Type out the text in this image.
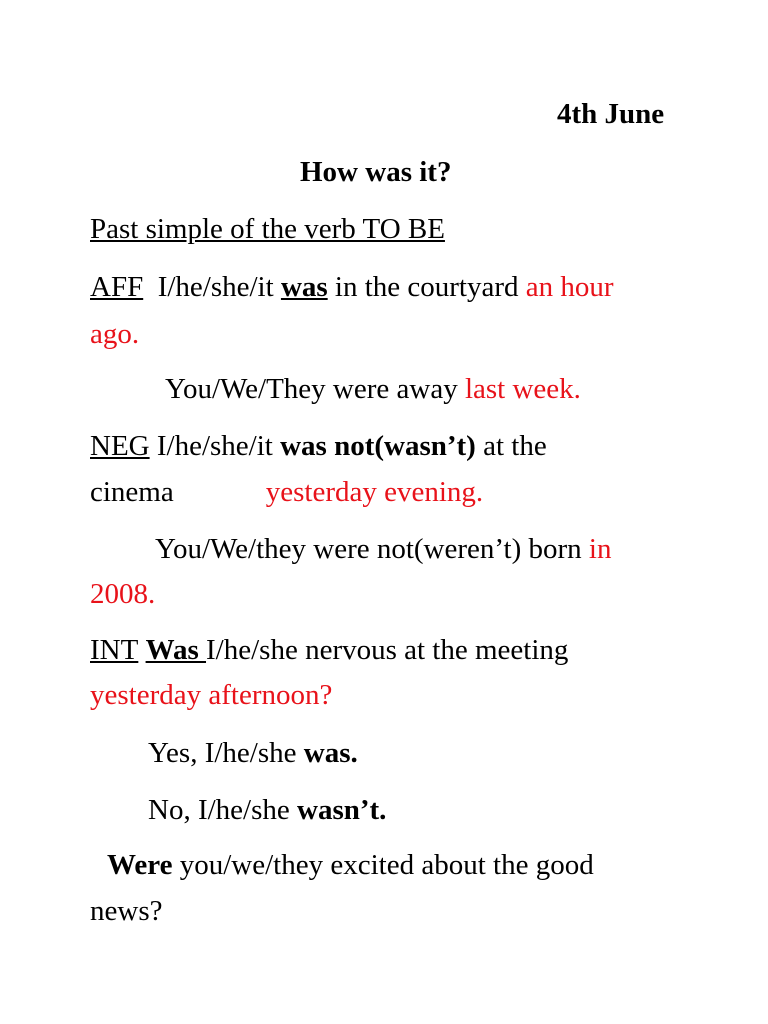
4th June
How was it?
Past simple of the verb TO BE
AFF I/he/she/it was in the courtyard an hour
ago.
You/We/They were away last week.
NEG I/he/she/it was not(wasn’t) at the
cinema	yesterday evening.
You/We/they were not(weren’t) born in
2008.
INT Was I/he/she nervous at the meeting
yesterday afternoon?
Yes, I/he/she was.
No, I/he/she wasn’t.
Were you/we/they excited about the good
news?
